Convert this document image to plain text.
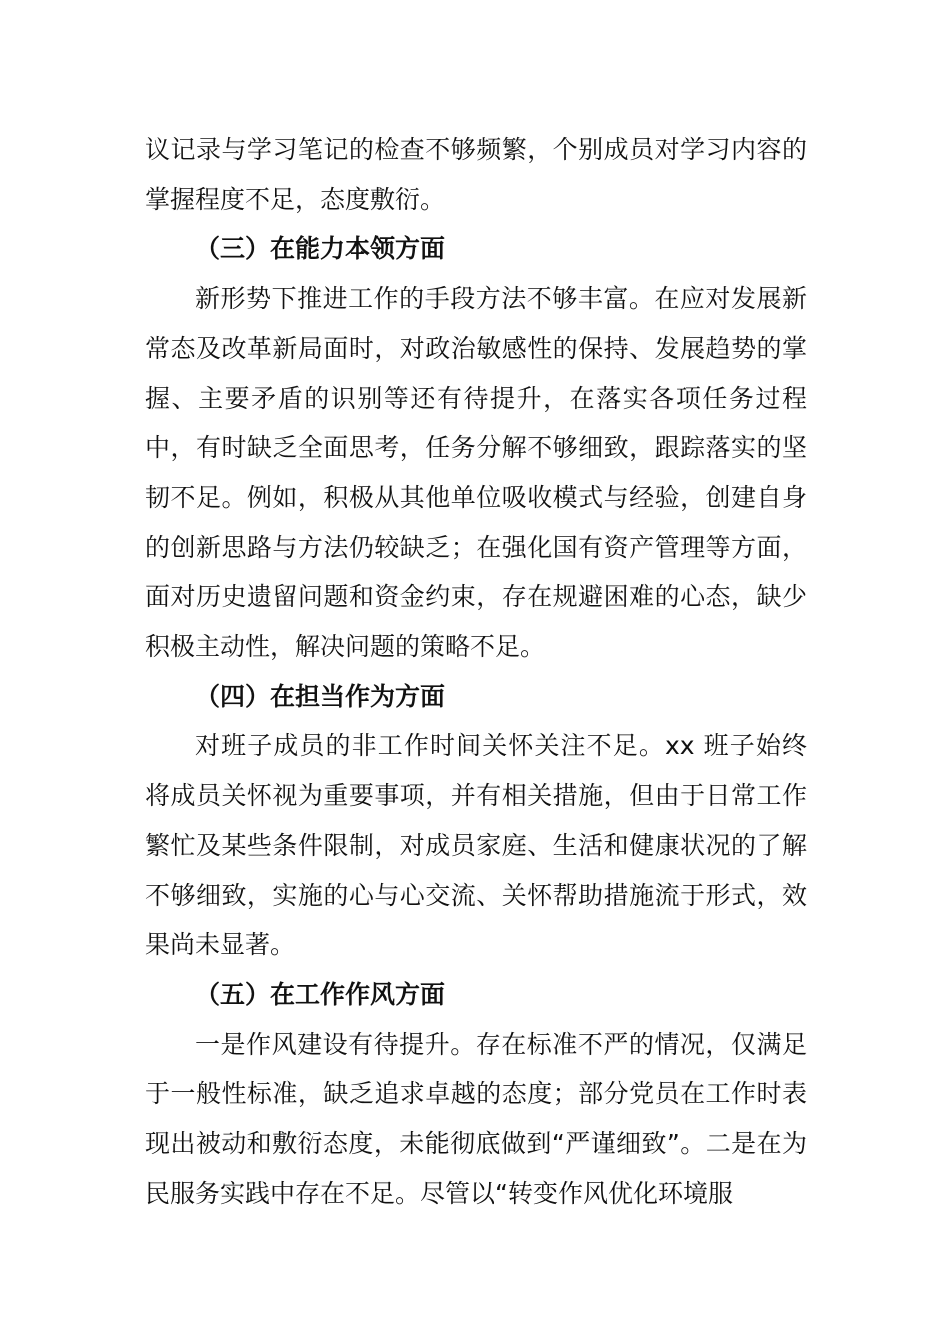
议记录与学习笔记的检查不够频繁，个别成员对学习内容的掌握程度不足，态度敷衍。

（三）在能力本领方面

新形势下推进工作的手段方法不够丰富。在应对发展新常态及改革新局面时，对政治敏感性的保持、发展趋势的掌握、主要矛盾的识别等还有待提升，在落实各项任务过程中，有时缺乏全面思考，任务分解不够细致，跟踪落实的坚韧不足。例如，积极从其他单位吸收模式与经验，创建自身的创新思路与方法仍较缺乏；在强化国有资产管理等方面，面对历史遗留问题和资金约束，存在规避困难的心态，缺少积极主动性，解决问题的策略不足。

（四）在担当作为方面

对班子成员的非工作时间关怀关注不足。xx 班子始终将成员关怀视为重要事项，并有相关措施，但由于日常工作繁忙及某些条件限制，对成员家庭、生活和健康状况的了解不够细致，实施的心与心交流、关怀帮助措施流于形式，效果尚未显著。

（五）在工作作风方面

一是作风建设有待提升。存在标准不严的情况，仅满足于一般性标准，缺乏追求卓越的态度；部分党员在工作时表现出被动和敷衍态度，未能彻底做到“严谨细致”。二是在为民服务实践中存在不足。尽管以“转变作风优化环境服
